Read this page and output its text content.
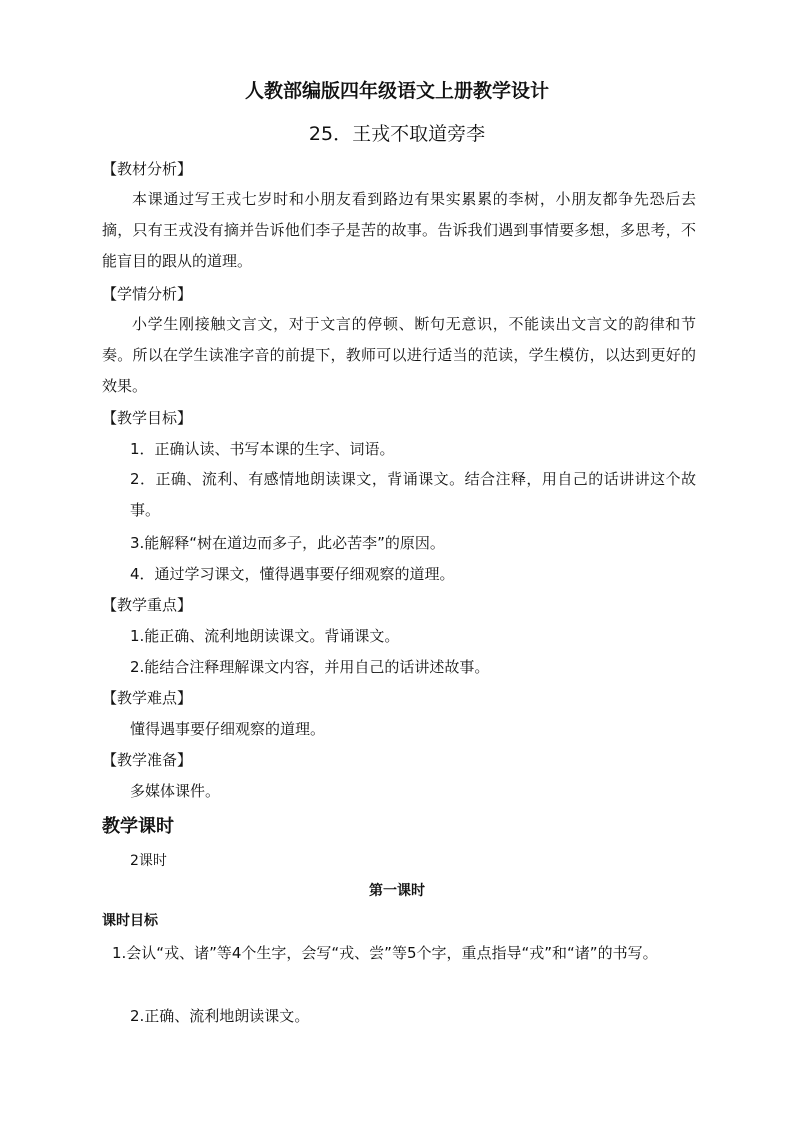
人教部编版四年级语文上册教学设计
25．王戎不取道旁李
【教材分析】

本课通过写王戎七岁时和小朋友看到路边有果实累累的李树，小朋友都争先恐后去摘，只有王戎没有摘并告诉他们李子是苦的故事。告诉我们遇到事情要多想，多思考，不能盲目的跟从的道理。

【学情分析】

小学生刚接触文言文，对于文言的停顿、断句无意识，不能读出文言文的韵律和节奏。所以在学生读准字音的前提下，教师可以进行适当的范读，学生模仿，以达到更好的效果。

【教学目标】
1．正确认读、书写本课的生字、词语。

2．正确、流利、有感情地朗读课文，背诵课文。结合注释，用自己的话讲讲这个故事。

3.能解释“树在道边而多子，此必苦李”的原因。
4．通过学习课文，懂得遇事要仔细观察的道理。
【教学重点】
1.能正确、流利地朗读课文。背诵课文。
2.能结合注释理解课文内容，并用自己的话讲述故事。
【教学难点】
懂得遇事要仔细观察的道理。
【教学准备】
多媒体课件。
教学课时
2课时
第一课时
课时目标

1.会认“戎、诸”等4个生字，会写“戎、尝”等5个字，重点指导“戎”和“诸”的书写。

2.正确、流利地朗读课文。
